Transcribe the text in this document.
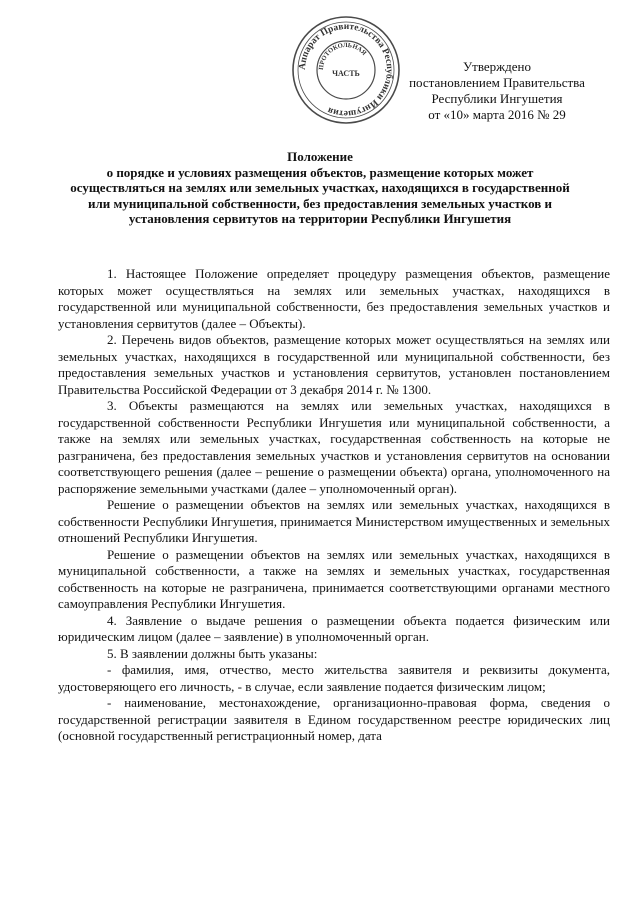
Аппарат Правительства Республики Ингушетия
ПРОТОКОЛЬНАЯ
ЧАСТЬ	Утверждено
постановлением Правительства
Республики Ингушетия
от «10» марта 2016 № 29
Положение
о порядке и условиях размещения объектов, размещение которых может осуществляться на землях или земельных участках, находящихся в государственной или муниципальной собственности, без предоставления земельных участков и установления сервитутов на территории Республики Ингушетия

1. Настоящее Положение определяет процедуру размещения объектов, размещение которых может осуществляться на землях или земельных участках, находящихся в государственной или муниципальной собственности, без предоставления земельных участков и установления сервитутов (далее – Объекты).

2. Перечень видов объектов, размещение которых может осуществляться на землях или земельных участках, находящихся в государственной или муниципальной собственности, без предоставления земельных участков и установления сервитутов, установлен постановлением Правительства Российской Федерации от 3 декабря 2014 г. № 1300.

3. Объекты размещаются на землях или земельных участках, находящихся в государственной собственности Республики Ингушетия или муниципальной собственности, а также на землях или земельных участках, государственная собственность на которые не разграничена, без предоставления земельных участков и установления сервитутов на основании соответствующего решения (далее – решение о размещении объекта) органа, уполномоченного на распоряжение земельными участками (далее – уполномоченный орган).

Решение о размещении объектов на землях или земельных участках, находящихся в собственности Республики Ингушетия, принимается Министерством имущественных и земельных отношений Республики Ингушетия.

Решение о размещении объектов на землях или земельных участках, находящихся в муниципальной собственности, а также на землях и земельных участках, государственная собственность на которые не разграничена, принимается соответствующими органами местного самоуправления Республики Ингушетия.

4. Заявление о выдаче решения о размещении объекта подается физическим или юридическим лицом (далее – заявление) в уполномоченный орган.

5. В заявлении должны быть указаны:

- фамилия, имя, отчество, место жительства заявителя и реквизиты документа, удостоверяющего его личность, - в случае, если заявление подается физическим лицом;

- наименование, местонахождение, организационно-правовая форма, сведения о государственной регистрации заявителя в Едином государственном реестре юридических лиц (основной государственный регистрационный номер, дата
